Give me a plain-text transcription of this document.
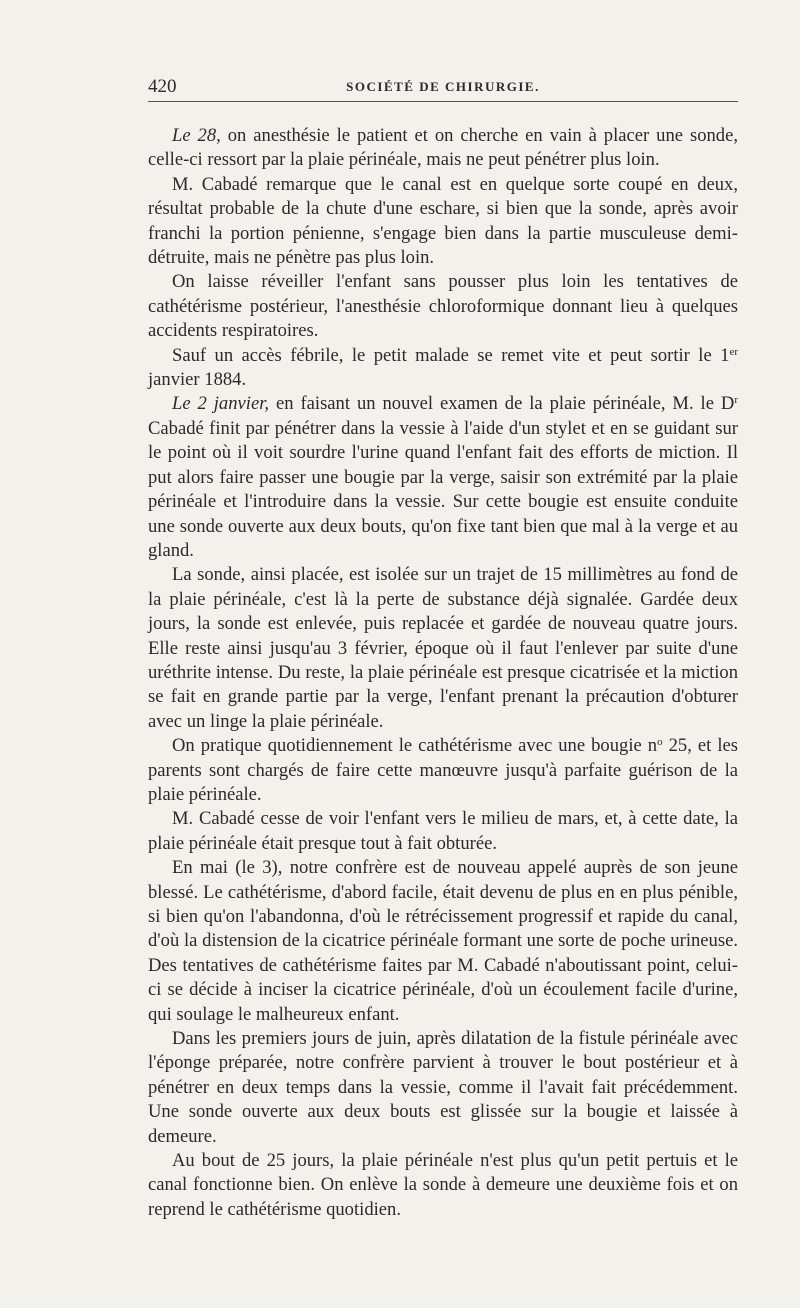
420	SOCIÉTÉ DE CHIRURGIE.

Le 28, on anesthésie le patient et on cherche en vain à placer une sonde, celle-ci ressort par la plaie périnéale, mais ne peut pénétrer plus loin.

M. Cabadé remarque que le canal est en quelque sorte coupé en deux, résultat probable de la chute d'une eschare, si bien que la sonde, après avoir franchi la portion pénienne, s'engage bien dans la partie musculeuse demi-détruite, mais ne pénètre pas plus loin.

On laisse réveiller l'enfant sans pousser plus loin les tentatives de cathétérisme postérieur, l'anesthésie chloroformique donnant lieu à quelques accidents respiratoires.

Sauf un accès fébrile, le petit malade se remet vite et peut sortir le 1er janvier 1884.

Le 2 janvier, en faisant un nouvel examen de la plaie périnéale, M. le $D^r$ Cabadé finit par pénétrer dans la vessie à l'aide d'un stylet et en se guidant sur le point où il voit sourdre l'urine quand l'enfant fait des efforts de miction. Il put alors faire passer une bougie par la verge, saisir son extrémité par la plaie périnéale et l'introduire dans la vessie. Sur cette bougie est ensuite conduite une sonde ouverte aux deux bouts, qu'on fixe tant bien que mal à la verge et au gland.

La sonde, ainsi placée, est isolée sur un trajet de 15 millimètres au fond de la plaie périnéale, c'est là la perte de substance déjà signalée. Gardée deux jours, la sonde est enlevée, puis replacée et gardée de nouveau quatre jours. Elle reste ainsi jusqu'au 3 février, époque où il faut l'enlever par suite d'une uréthrite intense. Du reste, la plaie périnéale est presque cicatrisée et la miction se fait en grande partie par la verge, l'enfant prenant la précaution d'obturer avec un linge la plaie périnéale.

On pratique quotidiennement le cathétérisme avec une bougie $n^o$ 25, et les parents sont chargés de faire cette manœuvre jusqu'à parfaite guérison de la plaie périnéale.

M. Cabadé cesse de voir l'enfant vers le milieu de mars, et, à cette date, la plaie périnéale était presque tout à fait obturée.

En mai (le 3), notre confrère est de nouveau appelé auprès de son jeune blessé. Le cathétérisme, d'abord facile, était devenu de plus en en plus pénible, si bien qu'on l'abandonna, d'où le rétrécissement progressif et rapide du canal, d'où la distension de la cicatrice périnéale formant une sorte de poche urineuse. Des tentatives de cathétérisme faites par M. Cabadé n'aboutissant point, celui-ci se décide à inciser la cicatrice périnéale, d'où un écoulement facile d'urine, qui soulage le malheureux enfant.

Dans les premiers jours de juin, après dilatation de la fistule périnéale avec l'éponge préparée, notre confrère parvient à trouver le bout postérieur et à pénétrer en deux temps dans la vessie, comme il l'avait fait précédemment. Une sonde ouverte aux deux bouts est glissée sur la bougie et laissée à demeure.

Au bout de 25 jours, la plaie périnéale n'est plus qu'un petit pertuis et le canal fonctionne bien. On enlève la sonde à demeure une deuxième fois et on reprend le cathétérisme quotidien.
